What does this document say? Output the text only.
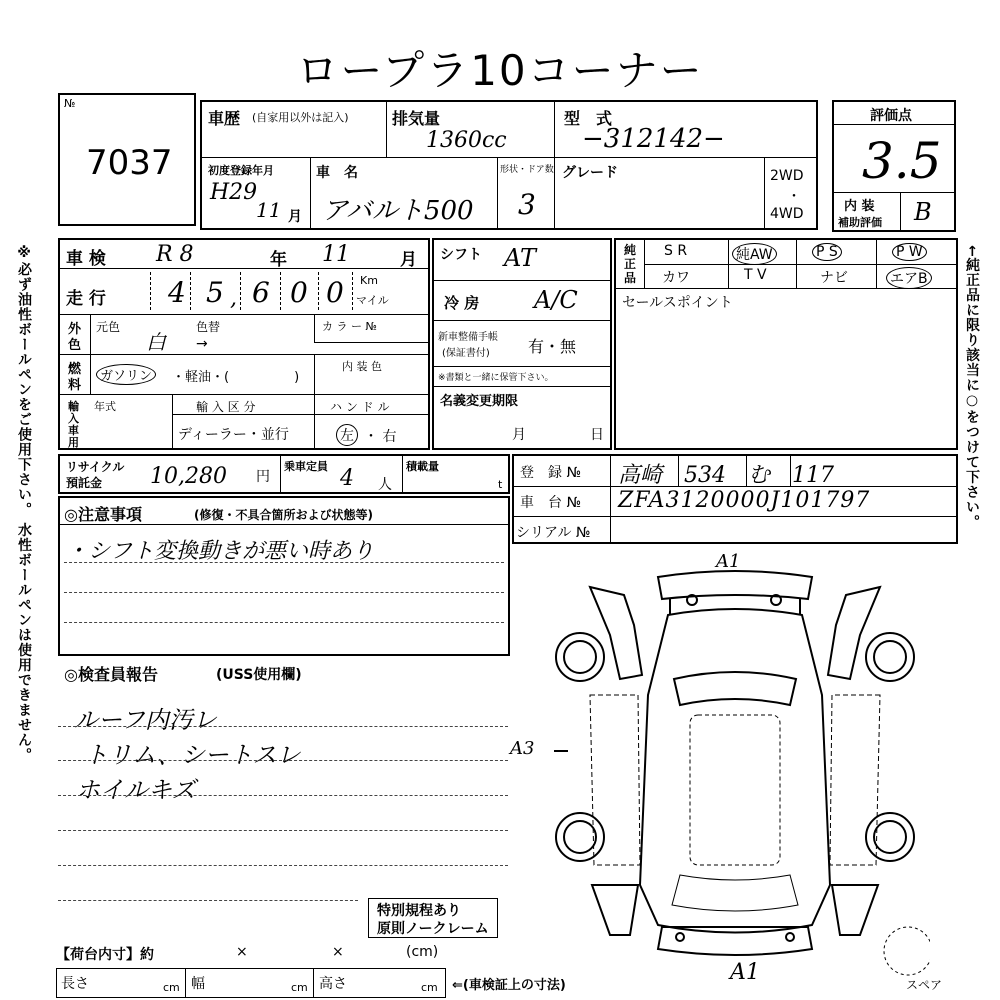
ロープラ10コーナー
※必ず油性ボールペンをご使用下さい。 水性ボールペンは使用できません。	←純正品に限り該当に○をつけて下さい。
№
7037
評価点
3.5
内 装
補助評価 B
車歴 (自家用以外は記入)	排気量
1360cc
型　式
−312142−
初度登録年月
H29
11 月
車　名
アバルト500
形状・ドア数
3
グレード	2WD
・
4WD
車 検 R 8	年 11	月
走 行 4 5 , 6 0 0 Km
マイル
外
色
元色
白
色替
→
カ ラ ー №
燃
料
ガソリン	・軽油・(　　　　　)
内 装 色
輸
入
車
用
年式	輸 入 区 分
ディーラー・並行
ハ ン ド ル
左 ・ 右
シフト AT
冷 房 A/C
新車整備手帳
(保証書付) 有・無
※書類と一緒に保管下さい。
名義変更期限
月	日
純
正
品
S R	純AW	P S	P W
カワ	T V	ナビ	エアB
セールスポイント
リサイクル
預託金 10,280 円
乗車定員 4 人
積載量
t
登　録 № 高崎　534　む　117
車　台 № ZFA3120000J101797
シリアル №
◎注意事項	(修復・不具合箇所および状態等)
・シフト変換動きが悪い時あり
◎検査員報告	(USS使用欄)
ルーフ内汚レ
トリム、シートスレ
ホイルキズ
特別規程あり
原則ノークレーム
【荷台内寸】約	×	×	(cm)
長さ	cm 幅	cm 高さ	cm ⇐(車検証上の寸法)
A1
A3
A1	スペア
